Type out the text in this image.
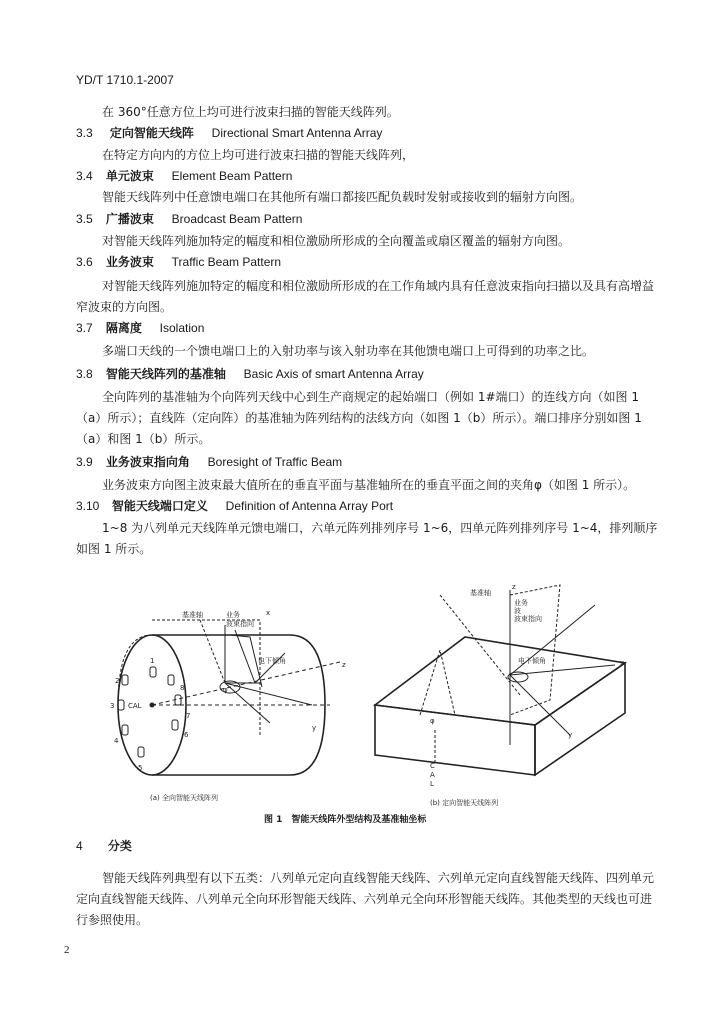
YD/T 1710.1-2007
在 360°任意方位上均可进行波束扫描的智能天线阵列。
3.3 定向智能天线阵 Directional Smart Antenna Array
在特定方向内的方位上均可进行波束扫描的智能天线阵列，
3.4 单元波束 Element Beam Pattern
智能天线阵列中任意馈电端口在其他所有端口都接匹配负载时发射或接收到的辐射方向图。
3.5 广播波束 Broadcast Beam Pattern
对智能天线阵列施加特定的幅度和相位激励所形成的全向覆盖或扇区覆盖的辐射方向图。
3.6 业务波束 Traffic Beam Pattern
对智能天线阵列施加特定的幅度和相位激励所形成的在工作角域内具有任意波束指向扫描以及具有高增益窄波束的方向图。
3.7 隔离度 Isolation
多端口天线的一个馈电端口上的入射功率与该入射功率在其他馈电端口上可得到的功率之比。
3.8 智能天线阵列的基准轴 Basic Axis of smart Antenna Array
全向阵列的基准轴为个向阵列天线中心到生产商规定的起始端口（例如 1#端口）的连线方向（如图 1（a）所示）；直线阵（定向阵）的基准轴为阵列结构的法线方向（如图 1（b）所示）。端口排序分别如图 1（a）和图 1（b）所示。
3.9 业务波束指向角 Boresight of Traffic Beam
业务波束方向图主波束最大值所在的垂直平面与基准轴所在的垂直平面之间的夹角φ（如图 1 所示）。
3.10 智能天线端口定义 Definition of Antenna Array Port
1~8 为八列单元天线阵单元馈电端口，六单元阵列排列序号 1~6，四单元阵列排列序号 1~4，排列顺序如图 1 所示。
基准轴	x
z
y
业务
波束指向
电下倾角
φ
CAL
2
3
4
5
6
7
8
1
(a) 全向智能天线阵列
z
基准轴
业务
波
波束指向
电下倾角	x
y
φ
C
A
L
(b) 定向智能天线阵列
图 1　智能天线阵外型结构及基准轴坐标
4 分类
智能天线阵列典型有以下五类：八列单元定向直线智能天线阵、六列单元定向直线智能天线阵、四列单元定向直线智能天线阵、八列单元全向环形智能天线阵、六列单元全向环形智能天线阵。其他类型的天线也可进行参照使用。
2
